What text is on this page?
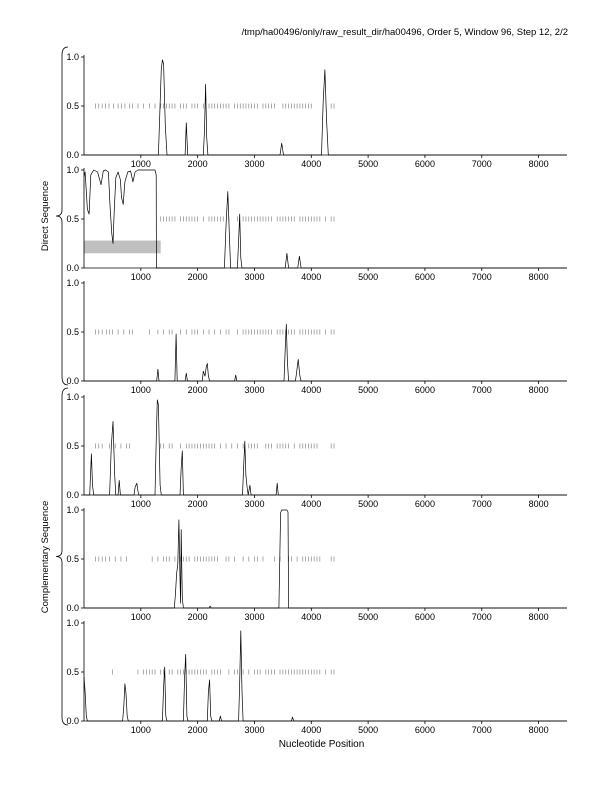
/tmp/ha00496/only/raw_result_dir/ha00496, Order 5, Window 96, Step 12, 2/2
0.0
0.5
1.0
1000	2000	3000	4000	5000	6000	7000	8000
0.0
0.5
1.0
1000	2000	3000	4000	5000	6000	7000	8000
0.0
0.5
1.0
1000	2000	3000	4000	5000	6000	7000	8000
0.0
0.5
1.0
1000	2000	3000	4000	5000	6000	7000	8000
0.0
0.5
1.0
1000	2000	3000	4000	5000	6000	7000	8000
0.0
0.5
1.0
1000	2000	3000	4000	5000	6000	7000	8000
Direct Sequence
Complementary Sequence
Nucleotide Position
